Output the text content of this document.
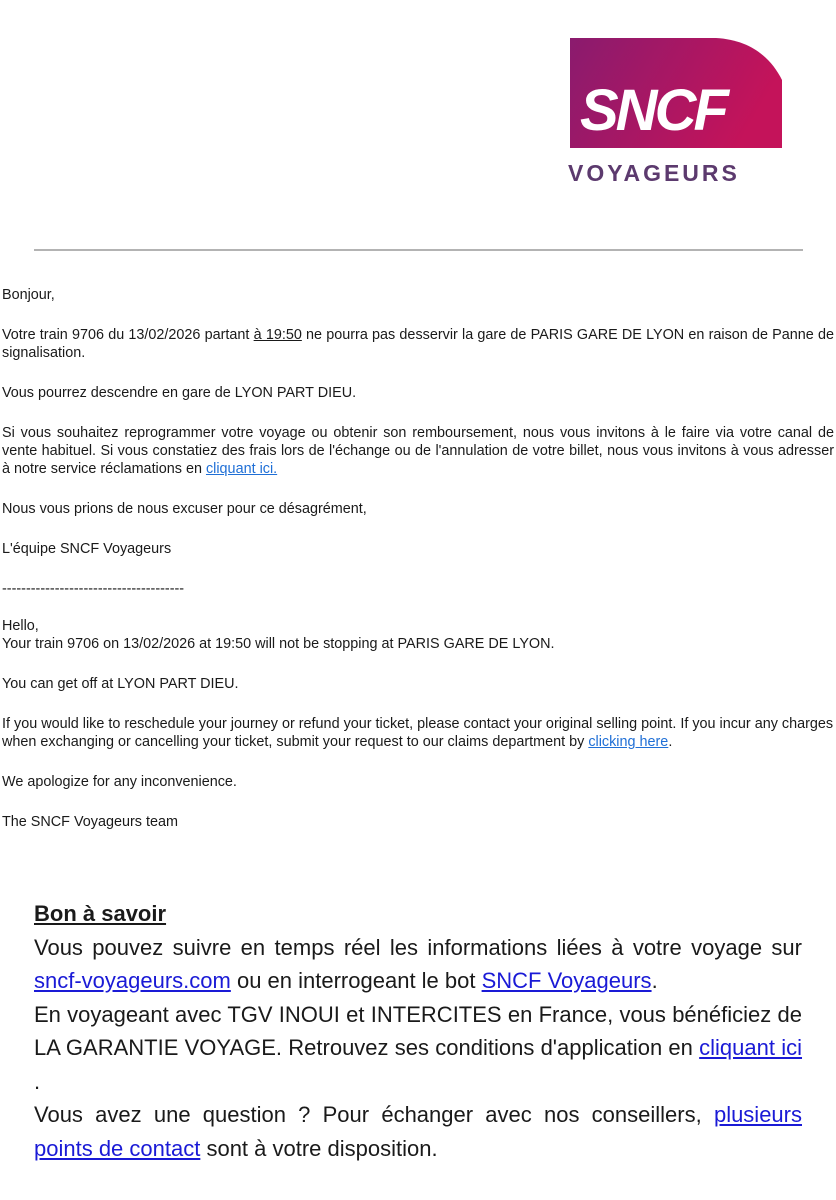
SNCF
VOYAGEURS

Bonjour,

Votre train 9706 du 13/02/2026 partant à 19:50 ne pourra pas desservir la gare de PARIS GARE DE LYON en raison de Panne de signalisation.

Vous pourrez descendre en gare de LYON PART DIEU.

Si vous souhaitez reprogrammer votre voyage ou obtenir son remboursement, nous vous invitons à le faire via votre canal de vente habituel. Si vous constatiez des frais lors de l'échange ou de l'annulation de votre billet, nous vous invitons à vous adresser à notre service réclamations en cliquant ici.

Nous vous prions de nous excuser pour ce désagrément,

L'équipe SNCF Voyageurs

--------------------------------------

Hello,

Your train 9706 on 13/02/2026 at 19:50 will not be stopping at PARIS GARE DE LYON.

You can get off at LYON PART DIEU.

If you would like to reschedule your journey or refund your ticket, please contact your original selling point. If you incur any charges when exchanging or cancelling your ticket, submit your request to our claims department by clicking here.

We apologize for any inconvenience.

The SNCF Voyageurs team

Bon à savoir

Vous pouvez suivre en temps réel les informations liées à votre voyage sur sncf-voyageurs.com ou en interrogeant le bot SNCF Voyageurs.

En voyageant avec TGV INOUI et INTERCITES en France, vous bénéficiez de LA GARANTIE VOYAGE. Retrouvez ses conditions d'application en cliquant ici .

Vous avez une question ? Pour échanger avec nos conseillers, plusieurs points de contact sont à votre disposition.
